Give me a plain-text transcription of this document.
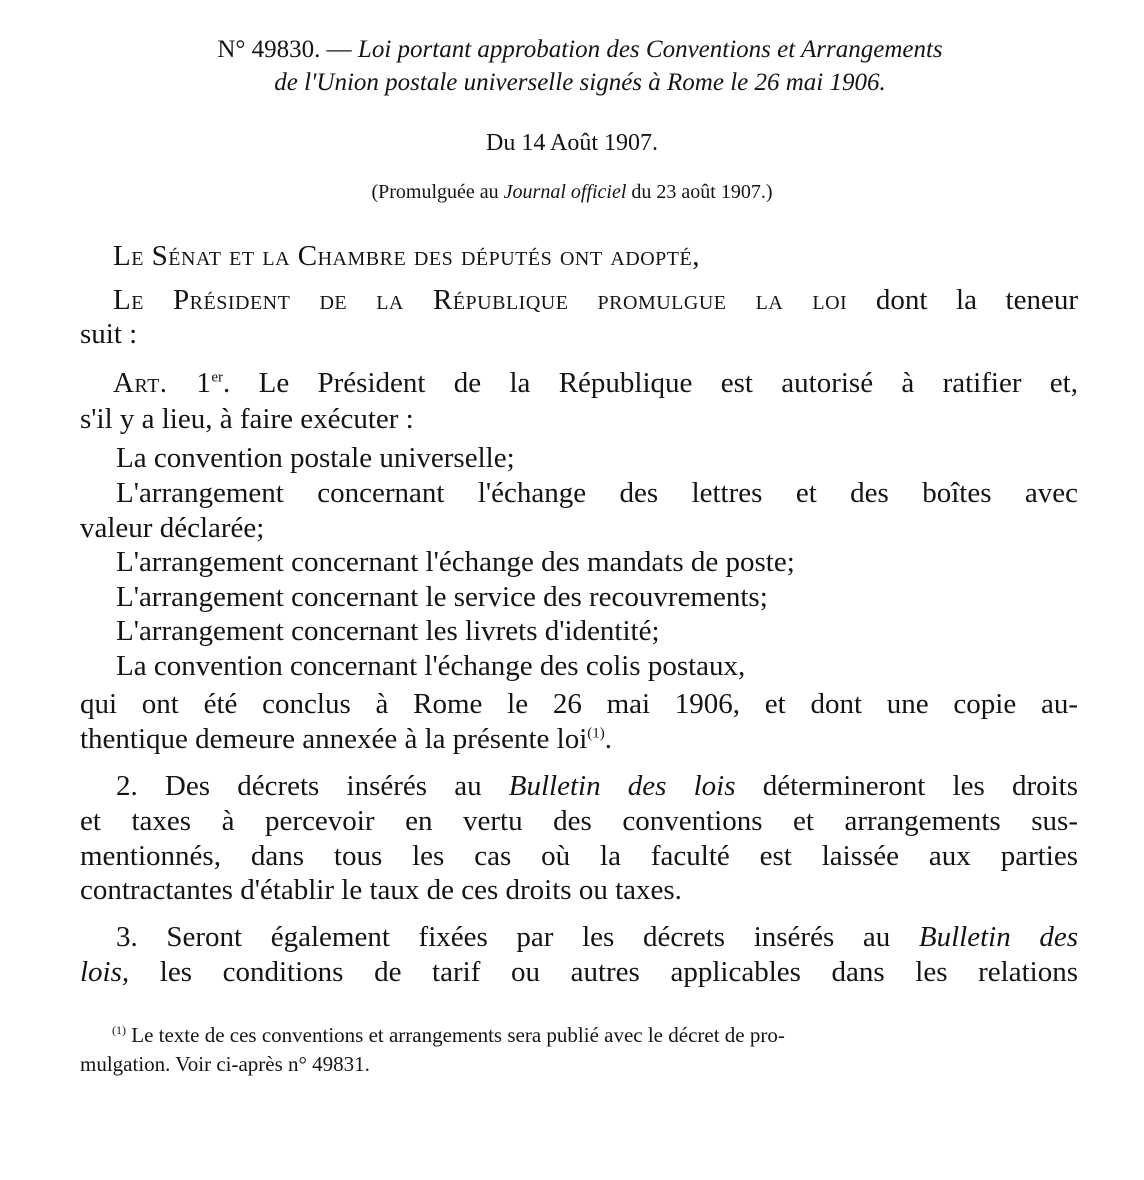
N° 49830. — Loi portant approbation des Conventions et Arrangements
de l'Union postale universelle signés à Rome le 26 mai 1906.
Du 14 Août 1907.
(Promulguée au Journal officiel du 23 août 1907.)
Le Sénat et la Chambre des députés ont adopté,
Le Président de la République promulgue la loi dont la teneur
suit :
Art. 1er. Le Président de la République est autorisé à ratifier et,
s'il y a lieu, à faire exécuter :
La convention postale universelle;
L'arrangement concernant l'échange des lettres et des boîtes avec
valeur déclarée;
L'arrangement concernant l'échange des mandats de poste;
L'arrangement concernant le service des recouvrements;
L'arrangement concernant les livrets d'identité;
La convention concernant l'échange des colis postaux,
qui ont été conclus à Rome le 26 mai 1906, et dont une copie au-
thentique demeure annexée à la présente loi$^{(1)}$.
2. Des décrets insérés au Bulletin des lois détermineront les droits
et taxes à percevoir en vertu des conventions et arrangements sus-
mentionnés, dans tous les cas où la faculté est laissée aux parties
contractantes d'établir le taux de ces droits ou taxes.
3. Seront également fixées par les décrets insérés au Bulletin des
lois, les conditions de tarif ou autres applicables dans les relations
$^{(1)}$ Le texte de ces conventions et arrangements sera publié avec le décret de pro-
mulgation. Voir ci-après n° 49831.
